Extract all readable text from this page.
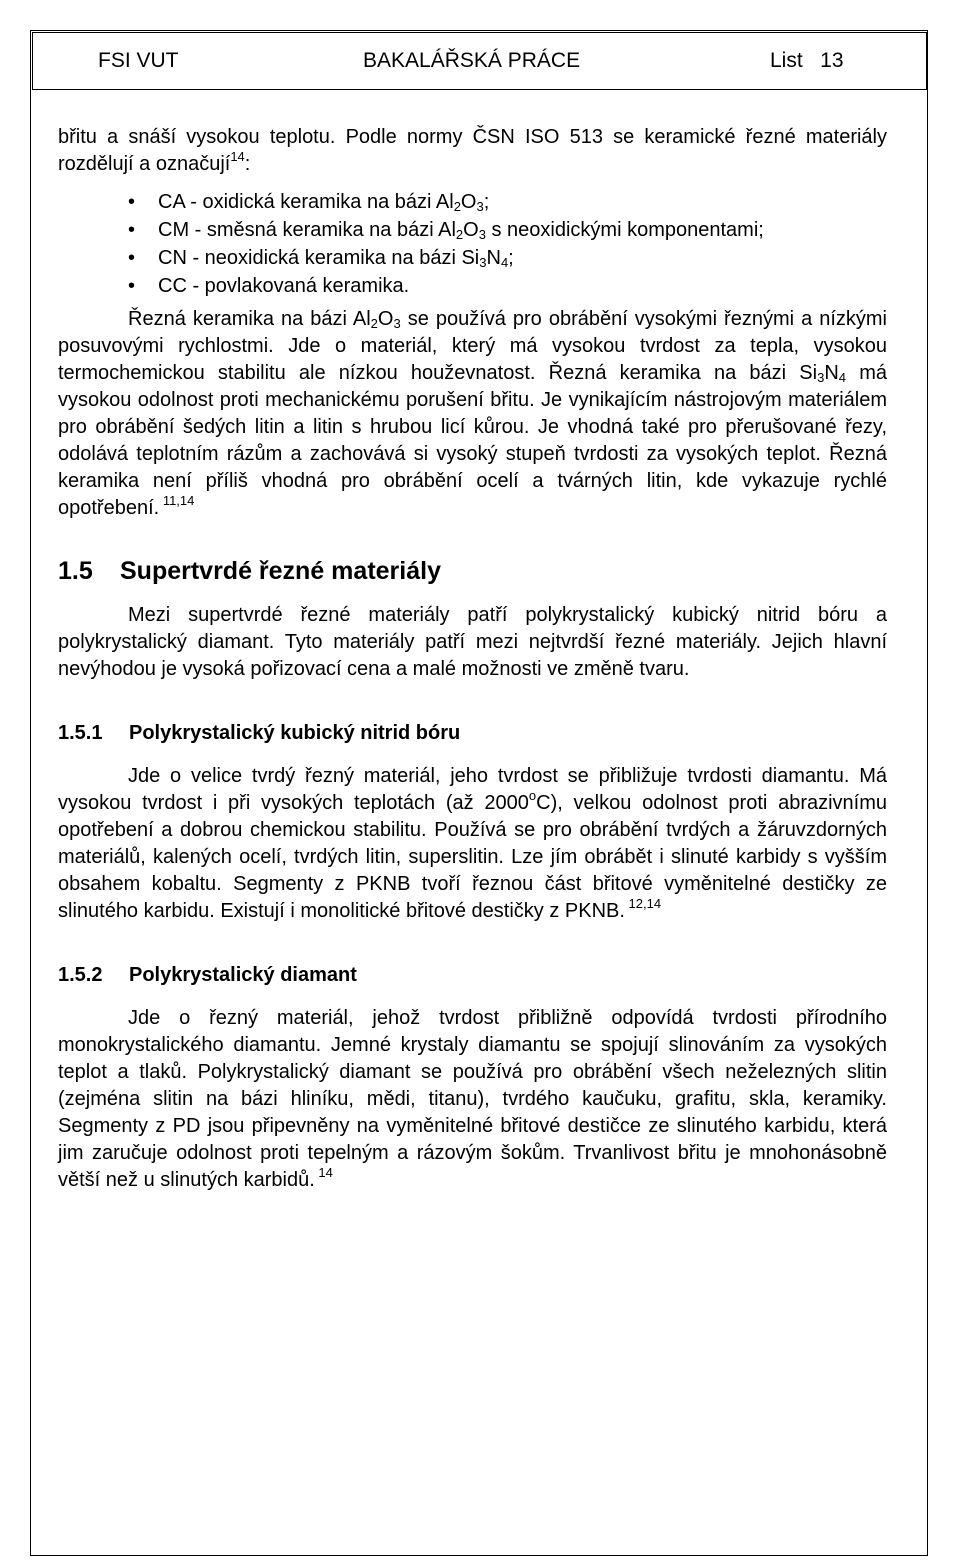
FSI VUT	BAKALÁŘSKÁ PRÁCE	List   13

břitu a snáší vysokou teplotu. Podle normy ČSN ISO 513 se keramické řezné materiály rozdělují a označují$^{14}$:

• CA - oxidická keramika na bázi $Al_2O_3$;
• CM - směsná keramika na bázi $Al_2O_3$ s neoxidickými komponentami;
• CN - neoxidická keramika na bázi $Si_3N_4$;
• CC - povlakovaná keramika.

Řezná keramika na bázi $Al_2O_3$ se používá pro obrábění vysokými řeznými a nízkými posuvovými rychlostmi. Jde o materiál, který má vysokou tvrdost za tepla, vysokou termochemickou stabilitu ale nízkou houževnatost. Řezná keramika na bázi $Si_3N_4$ má vysokou odolnost proti mechanickému porušení břitu. Je vynikajícím nástrojovým materiálem pro obrábění šedých litin a litin s hrubou licí kůrou. Je vhodná také pro přerušované řezy, odolává teplotním rázům a zachovává si vysoký stupeň tvrdosti za vysokých teplot. Řezná keramika není příliš vhodná pro obrábění ocelí a tvárných litin, kde vykazuje rychlé opotřebení. $^{11,14}$

1.5 Supertvrdé řezné materiály

Mezi supertvrdé řezné materiály patří polykrystalický kubický nitrid bóru a polykrystalický diamant. Tyto materiály patří mezi nejtvrdší řezné materiály. Jejich hlavní nevýhodou je vysoká pořizovací cena a malé možnosti ve změně tvaru.

1.5.1 Polykrystalický kubický nitrid bóru

Jde o velice tvrdý řezný materiál, jeho tvrdost se přibližuje tvrdosti diamantu. Má vysokou tvrdost i při vysokých teplotách (až 2000$^o$C), velkou odolnost proti abrazivnímu opotřebení a dobrou chemickou stabilitu. Používá se pro obrábění tvrdých a žáruvzdorných materiálů, kalených ocelí, tvrdých litin, superslitin. Lze jím obrábět i slinuté karbidy s vyšším obsahem kobaltu. Segmenty z PKNB tvoří řeznou část břitové vyměnitelné destičky ze slinutého karbidu. Existují i monolitické břitové destičky z PKNB. $^{12,14}$

1.5.2 Polykrystalický diamant

Jde o řezný materiál, jehož tvrdost přibližně odpovídá tvrdosti přírodního monokrystalického diamantu. Jemné krystaly diamantu se spojují slinováním za vysokých teplot a tlaků. Polykrystalický diamant se používá pro obrábění všech neželezných slitin (zejména slitin na bázi hliníku, mědi, titanu), tvrdého kaučuku, grafitu, skla, keramiky. Segmenty z PD jsou připevněny na vyměnitelné břitové destičce ze slinutého karbidu, která jim zaručuje odolnost proti tepelným a rázovým šokům. Trvanlivost břitu je mnohonásobně větší než u slinutých karbidů. $^{14}$
